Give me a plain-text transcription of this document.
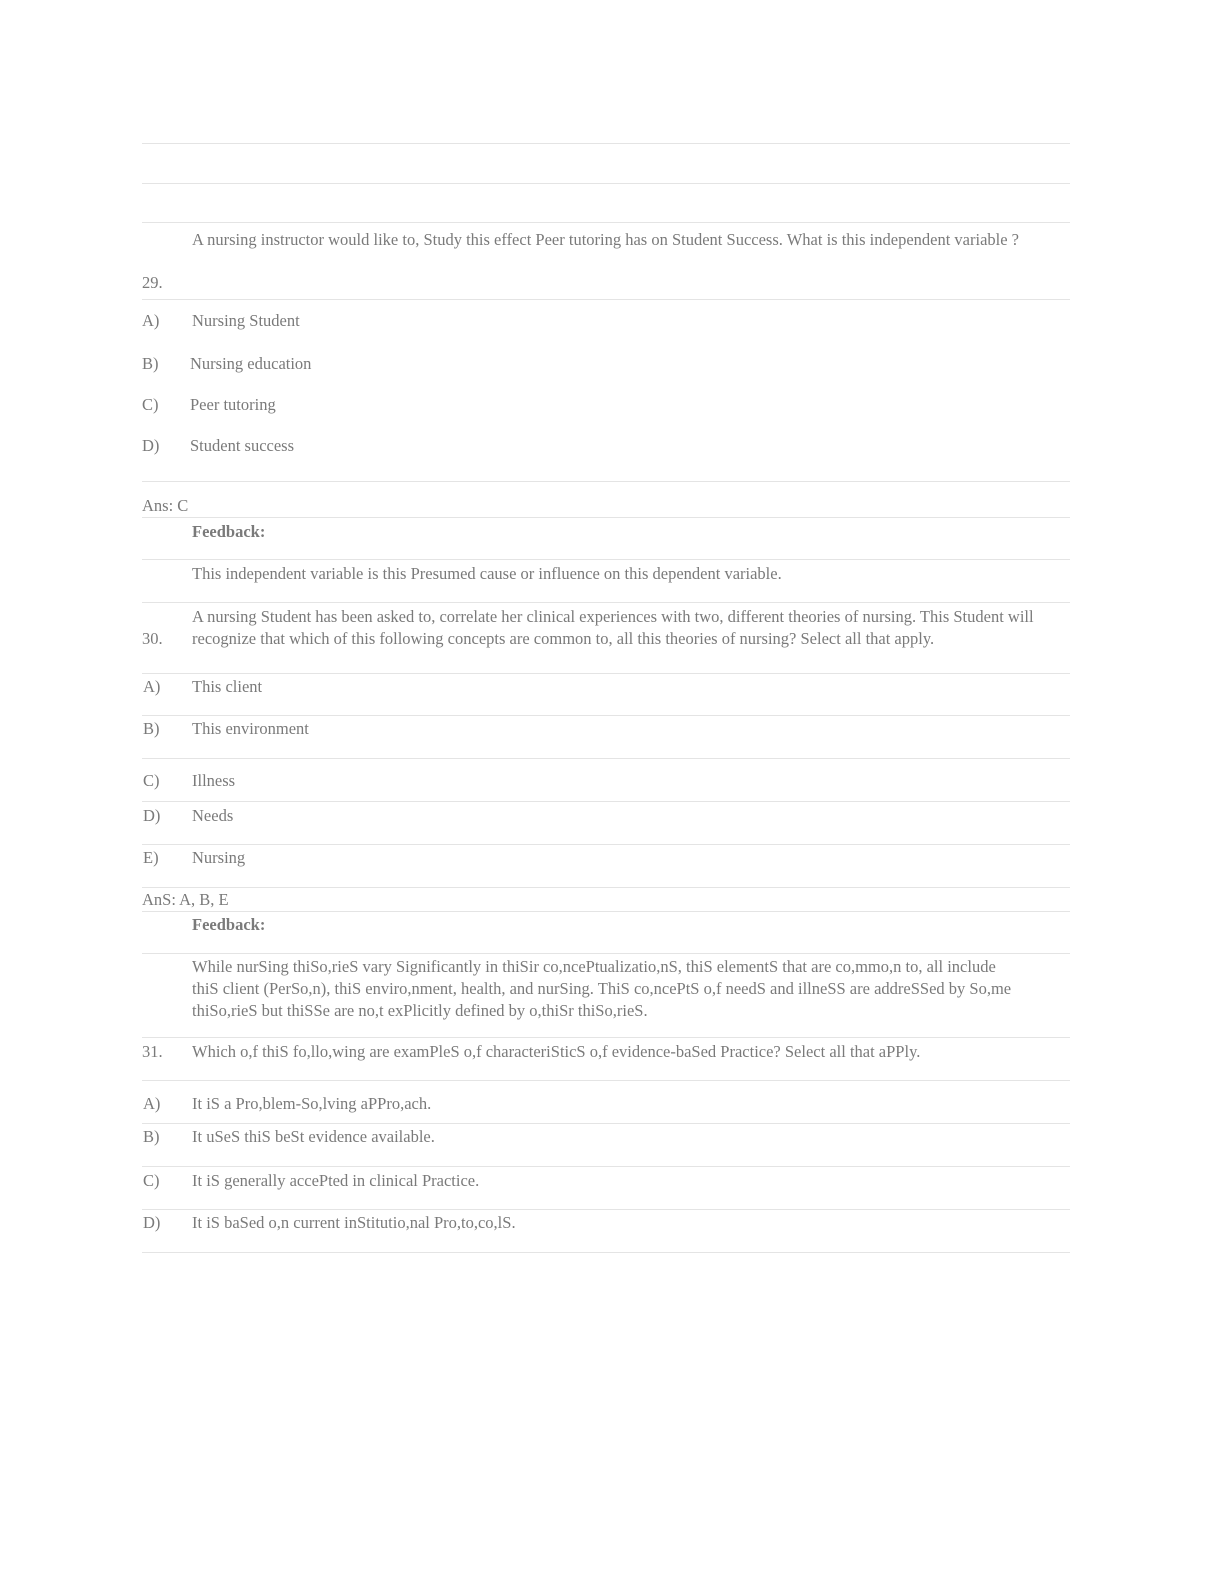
A nursing instructor would like to, Study this effect Peer tutoring has on Student Success. What is this independent variable ?
29.
A) Nursing Student
B) Nursing education
C) Peer tutoring
D) Student success
Ans: C
Feedback:
This independent variable is this Presumed cause or influence on this dependent variable.
A nursing Student has been asked to, correlate her clinical experiences with two, different theories of nursing. This Student will recognize that which of this following concepts are common to, all this theories of nursing? Select all that apply.
30.
A) This client
B) This environment
C) Illness
D) Needs
E) Nursing
AnS: A, B, E
Feedback:
While nurSing thiSo,rieS vary Significantly in thiSir co,ncePtualizatio,nS, thiS elementS that are co,mmo,n to, all include thiS client (PerSo,n), thiS enviro,nment, health, and nurSing. ThiS co,ncePtS o,f needS and illneSS are addreSSed by So,me thiSo,rieS but thiSSe are no,t exPlicitly defined by o,thiSr thiSo,rieS.
31. Which o,f thiS fo,llo,wing are examPleS o,f characteriSticS o,f evidence-baSed Practice? Select all that aPPly.
A) It iS a Pro,blem-So,lving aPPro,ach.
B) It uSeS thiS beSt evidence available.
C) It iS generally accePted in clinical Practice.
D) It iS baSed o,n current inStitutio,nal Pro,to,co,lS.
